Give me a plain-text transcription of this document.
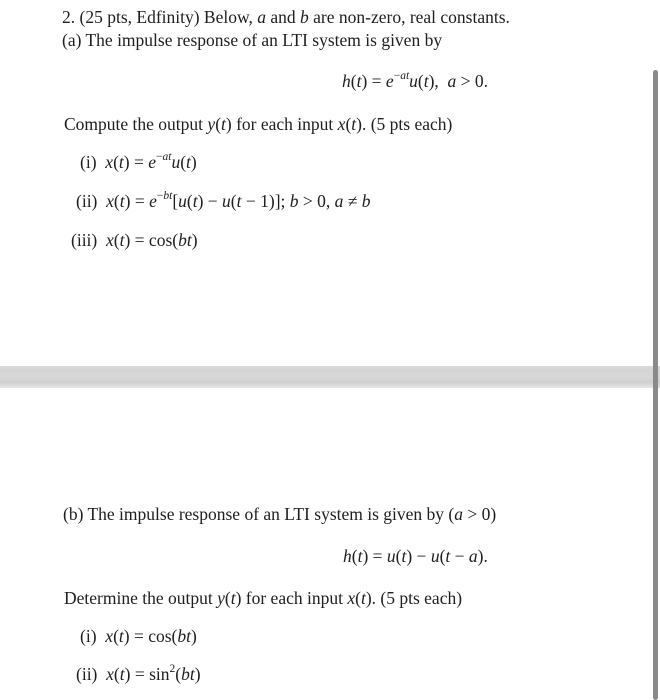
2. (25 pts, Edfinity) Below, a and b are non-zero, real constants.
(a) The impulse response of an LTI system is given by
$h(t) = e^{-at}u(t)$,  a > 0.
Compute the output y(t) for each input x(t). (5 pts each)
(i) $x(t) = e^{-at}u(t)$
(ii) $x(t) = e^{-bt}[u(t) - u(t - 1)]$; b > 0, a ≠ b
(iii) x(t) = cos(bt)
(b) The impulse response of an LTI system is given by (a > 0)
h(t) = u(t) − u(t − a).
Determine the output y(t) for each input x(t). (5 pts each)
(i) x(t) = cos(bt)
(ii) $x(t) = \sin^2(bt)$
